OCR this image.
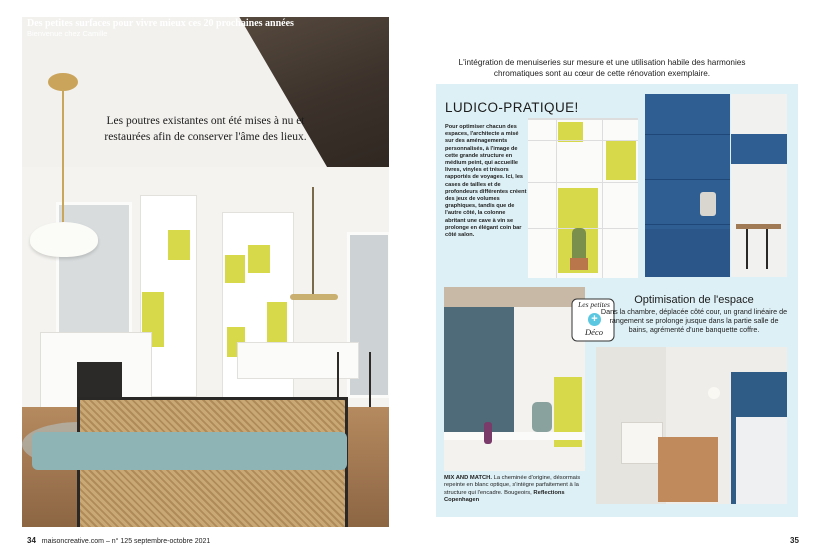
Des petites surfaces pour vivre mieux ces 20 prochaines années
Bienvenue chez Camille
Les poutres existantes ont été mises à nu et restaurées afin de conserver l'âme des lieux.
34 maisoncreative.com – n° 125 septembre-octobre 2021
L'intégration de menuiseries sur mesure et une utilisation habile des harmonies chromatiques sont au cœur de cette rénovation exemplaire.
LUDICO-PRATIQUE!
Pour optimiser chacun des espaces, l'architecte a misé sur des aménagements personnalisés, à l'image de cette grande structure en médium peint, qui accueille livres, vinyles et trésors rapportés de voyages. Ici, les cases de tailles et de profondeurs différentes créent des jeux de volumes graphiques, tandis que de l'autre côté, la colonne abritant une cave à vin se prolonge en élégant coin bar côté salon.
MIX AND MATCH. La cheminée d'origine, désormais repeinte en blanc optique, s'intègre parfaitement à la structure qui l'encadre. Bougeoirs, Reflections Copenhagen
Les petites
+
Déco
Optimisation de l'espace
Dans la chambre, déplacée côté cour, un grand linéaire de rangement se prolonge jusque dans la partie salle de bains, agrémenté d'une banquette coffre.
35
